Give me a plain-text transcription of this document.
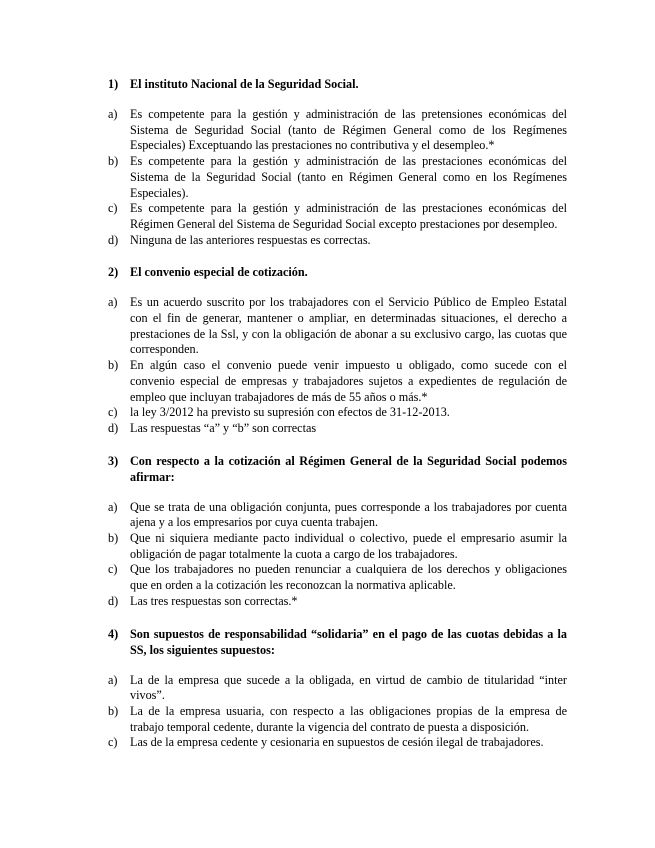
1) El instituto Nacional de la Seguridad Social.
a)	Es competente para la gestión y administración de las pretensiones económicas del Sistema de Seguridad Social (tanto de Régimen General como de los Regímenes Especiales) Exceptuando las prestaciones no contributiva y el desempleo.*
b) Es competente para la gestión y administración de las prestaciones económicas del Sistema de la Seguridad Social (tanto en Régimen General como en los Regímenes Especiales).
c)	Es competente para la gestión y administración de las prestaciones económicas del Régimen General del Sistema de Seguridad Social excepto prestaciones por desempleo.
d) Ninguna de las anteriores respuestas es correctas.
2) El convenio especial de cotización.
a)	Es un acuerdo suscrito por los trabajadores con el Servicio Público de Empleo Estatal con el fin de generar, mantener o ampliar, en determinadas situaciones, el derecho a prestaciones de la Ssl, y con la obligación de abonar a su exclusivo cargo, las cuotas que corresponden.
b) En algún caso el convenio puede venir impuesto u obligado, como sucede con el convenio especial de empresas y trabajadores sujetos a expedientes de regulación de empleo que incluyan trabajadores de más de 55 años o más.*
c)	la ley 3/2012 ha previsto su supresión con efectos de 31-12-2013.
d) Las respuestas “a” y “b” son correctas
3) Con respecto a la cotización al Régimen General de la Seguridad Social podemos afirmar:
a)	Que se trata de una obligación conjunta, pues corresponde a los trabajadores por cuenta ajena y a los empresarios por cuya cuenta trabajen.
b) Que ni siquiera mediante pacto individual o colectivo, puede el empresario asumir la obligación de pagar totalmente la cuota a cargo de los trabajadores.
c)	Que los trabajadores no pueden renunciar a cualquiera de los derechos y obligaciones que en orden a la cotización les reconozcan la normativa aplicable.
d) Las tres respuestas son correctas.*
4) Son supuestos de responsabilidad “solidaria” en el pago de las cuotas debidas a la SS, los siguientes supuestos:
a)	La de la empresa que sucede a la obligada, en virtud de cambio de titularidad “inter vivos”.
b) La de la empresa usuaria, con respecto a las obligaciones propias de la empresa de trabajo temporal cedente, durante la vigencia del contrato de puesta a disposición.
c)	Las de la empresa cedente y cesionaria en supuestos de cesión ilegal de trabajadores.
